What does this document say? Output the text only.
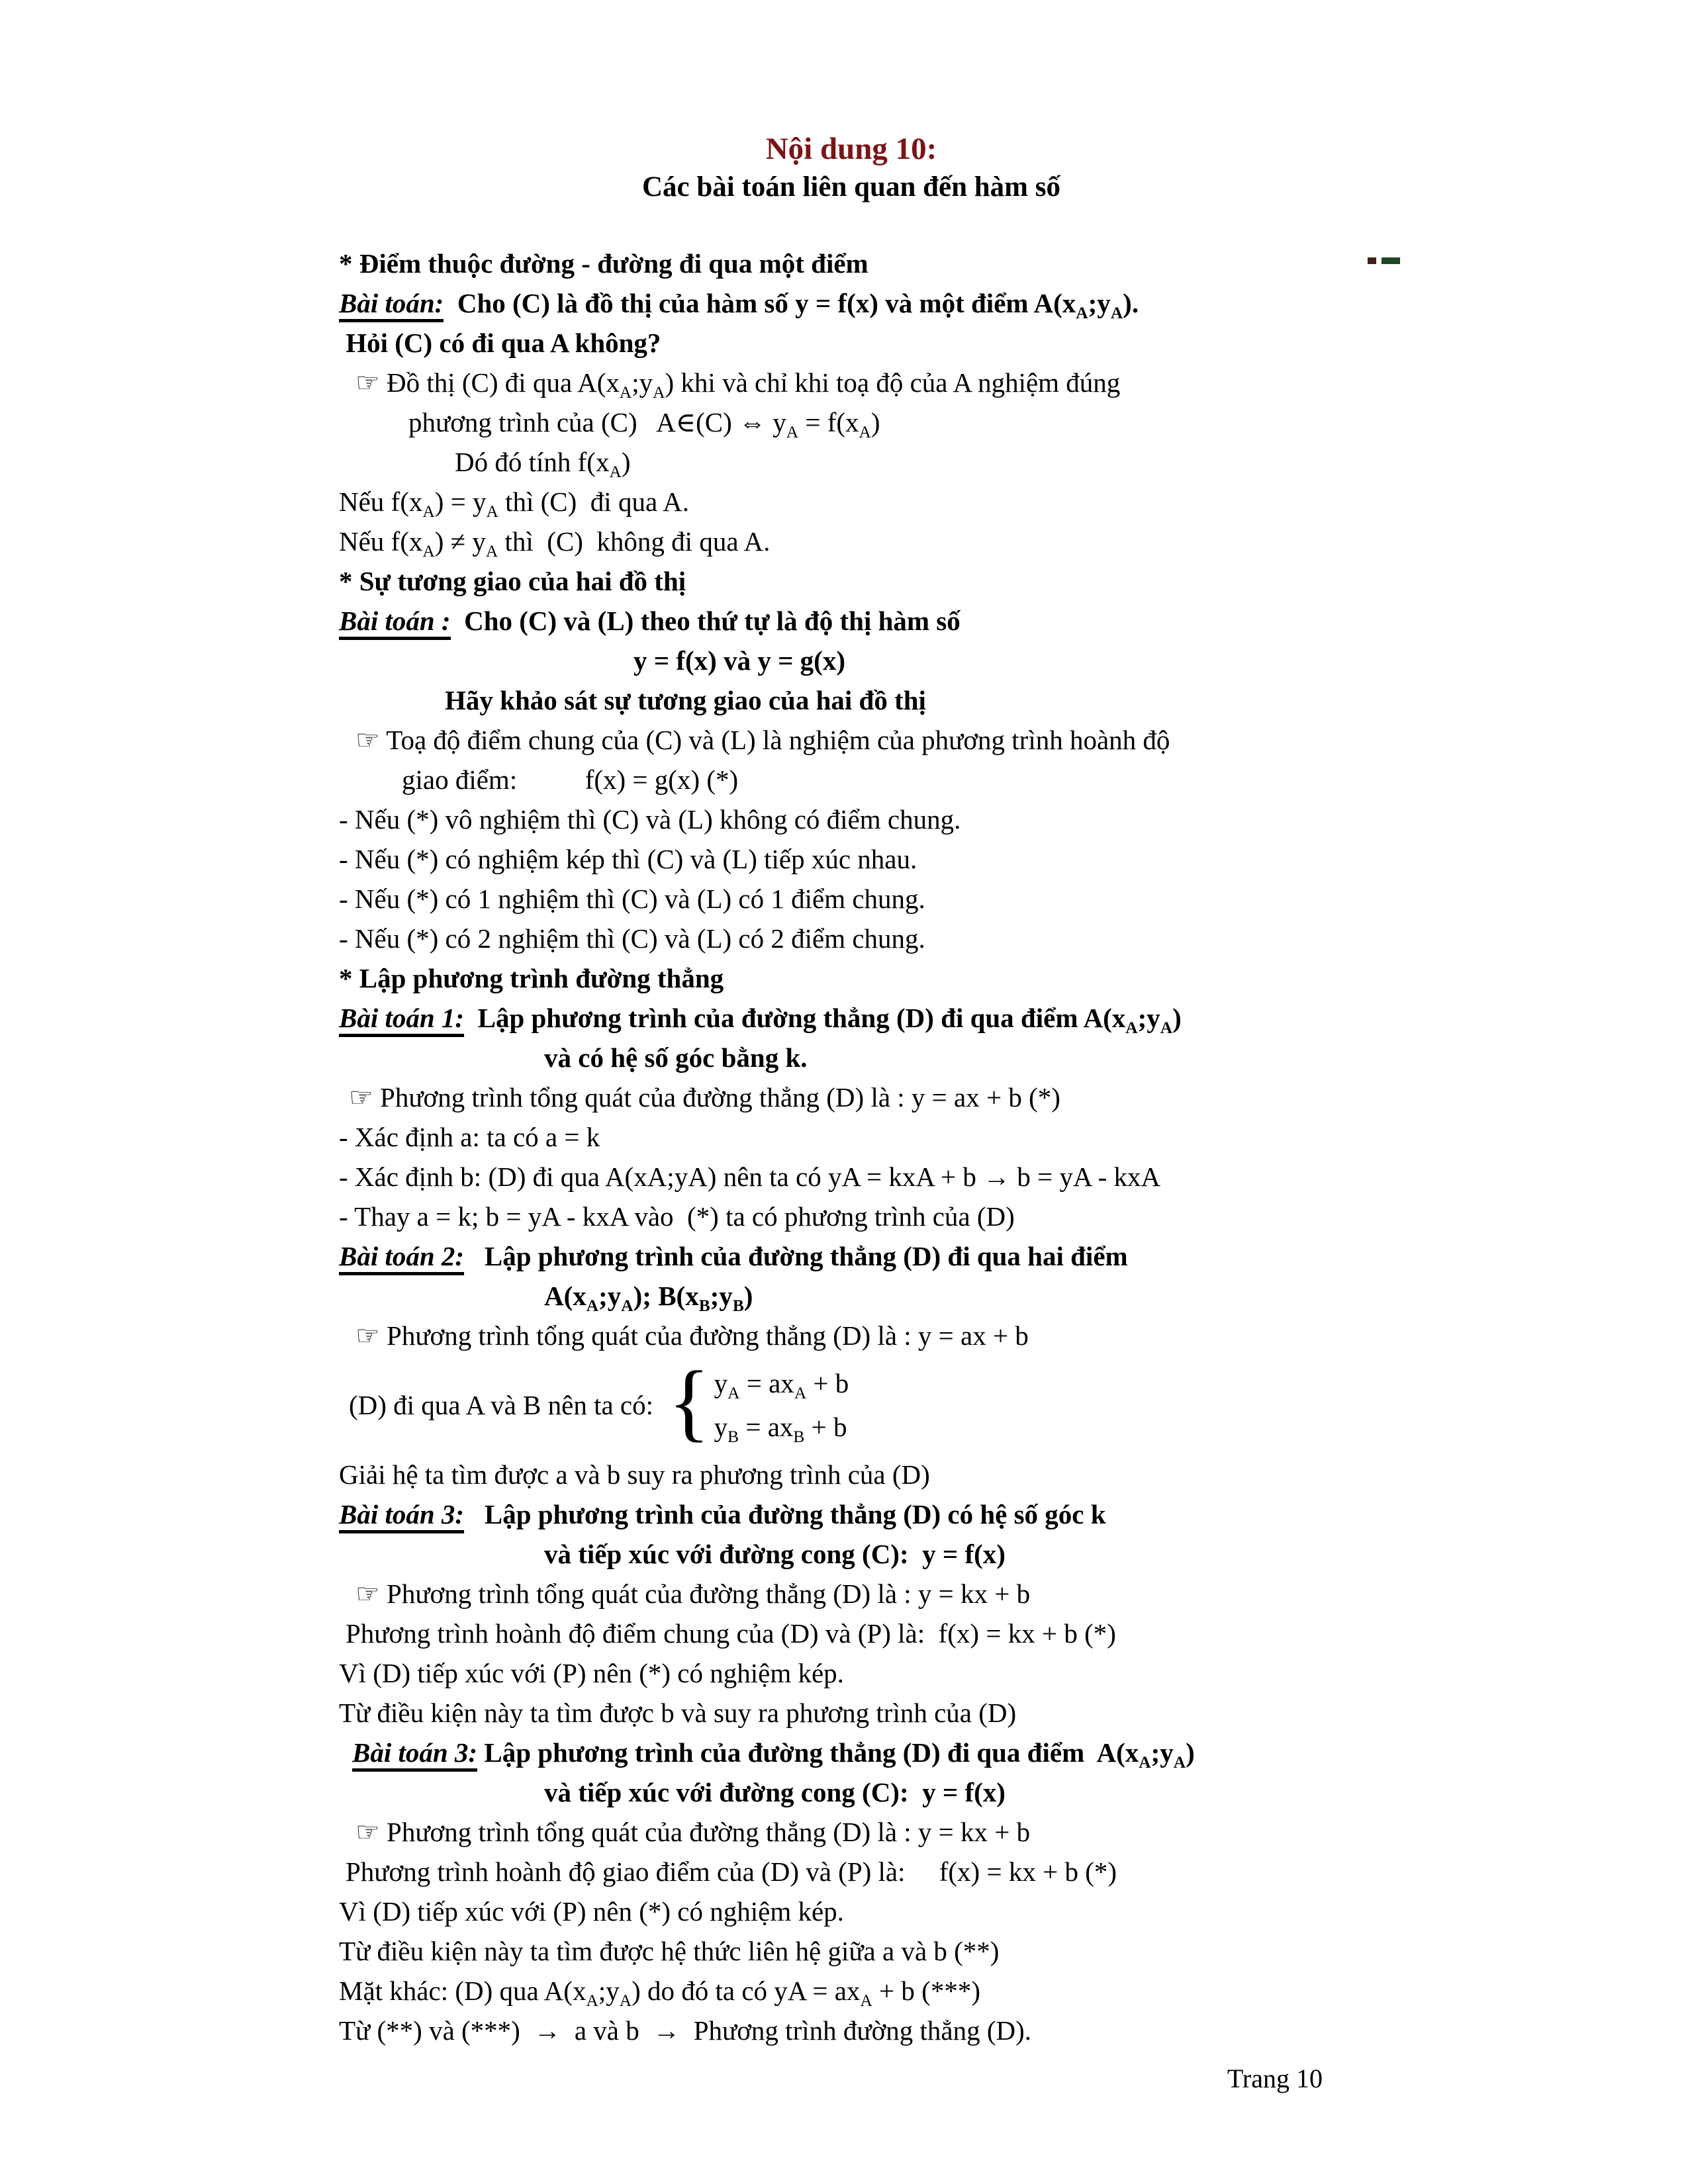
Nội dung 10:
Các bài toán liên quan đến hàm số
* Điểm thuộc đường - đường đi qua một điểm
Bài toán:  Cho (C) là đồ thị của hàm số y = f(x) và một điểm $A(x_A;y_A)$.
Hỏi (C) có đi qua A không?
☞ Đồ thị (C) đi qua $A(x_A;y_A)$ khi và chỉ khi toạ độ của A nghiệm đúng
phương trình của (C)   A∈(C) ⇔ $y_A = f(x_A)$
Dó đó tính $f(x_A)$
Nếu $f(x_A) = y_A$ thì (C)  đi qua A.
Nếu $f(x_A) \ne y_A$ thì  (C)  không đi qua A.
* Sự tương giao của hai đồ thị
Bài toán :  Cho (C) và (L) theo thứ tự là độ thị hàm số
y = f(x) và y = g(x)
Hãy khảo sát sự tương giao của hai đồ thị
☞ Toạ độ điểm chung của (C) và (L) là nghiệm của phương trình hoành độ
giao điểm:          f(x) = g(x) (*)
- Nếu (*) vô nghiệm thì (C) và (L) không có điểm chung.
- Nếu (*) có nghiệm kép thì (C) và (L) tiếp xúc nhau.
- Nếu (*) có 1 nghiệm thì (C) và (L) có 1 điểm chung.
- Nếu (*) có 2 nghiệm thì (C) và (L) có 2 điểm chung.
* Lập phương trình đường thẳng
Bài toán 1:  Lập phương trình của đường thẳng (D) đi qua điểm $A(x_A;y_A)$
và có hệ số góc bằng k.
☞ Phương trình tổng quát của đường thẳng (D) là : y = ax + b (*)
- Xác định a: ta có a = k
- Xác định b: (D) đi qua A(xA;yA) nên ta có yA = kxA + b → b = yA - kxA
- Thay a = k; b = yA - kxA vào  (*) ta có phương trình của (D)
Bài toán 2:   Lập phương trình của đường thẳng (D) đi qua hai điểm
$A(x_A;y_A)$; $B(x_B;y_B)$
☞ Phương trình tổng quát của đường thẳng (D) là : y = ax + b
(D) đi qua A và B nên ta có: { $y_A = ax_A + b$
$y_B = ax_B + b$
Giải hệ ta tìm được a và b suy ra phương trình của (D)
Bài toán 3:   Lập phương trình của đường thẳng (D) có hệ số góc k
và tiếp xúc với đường cong (C):  y = f(x)
☞ Phương trình tổng quát của đường thẳng (D) là : y = kx + b
Phương trình hoành độ điểm chung của (D) và (P) là:  f(x) = kx + b (*)
Vì (D) tiếp xúc với (P) nên (*) có nghiệm kép.
Từ điều kiện này ta tìm được b và suy ra phương trình của (D)
Bài toán 3: Lập phương trình của đường thẳng (D) đi qua điểm  $A(x_A;y_A)$
và tiếp xúc với đường cong (C):  y = f(x)
☞ Phương trình tổng quát của đường thẳng (D) là : y = kx + b
Phương trình hoành độ giao điểm của (D) và (P) là:     f(x) = kx + b (*)
Vì (D) tiếp xúc với (P) nên (*) có nghiệm kép.
Từ điều kiện này ta tìm được hệ thức liên hệ giữa a và b (**)
Mặt khác: (D) qua $A(x_A;y_A)$ do đó ta có yA = $ax_A + b$ (***)
Từ (**) và (***)  →  a và b  →  Phương trình đường thẳng (D).
Trang 10
